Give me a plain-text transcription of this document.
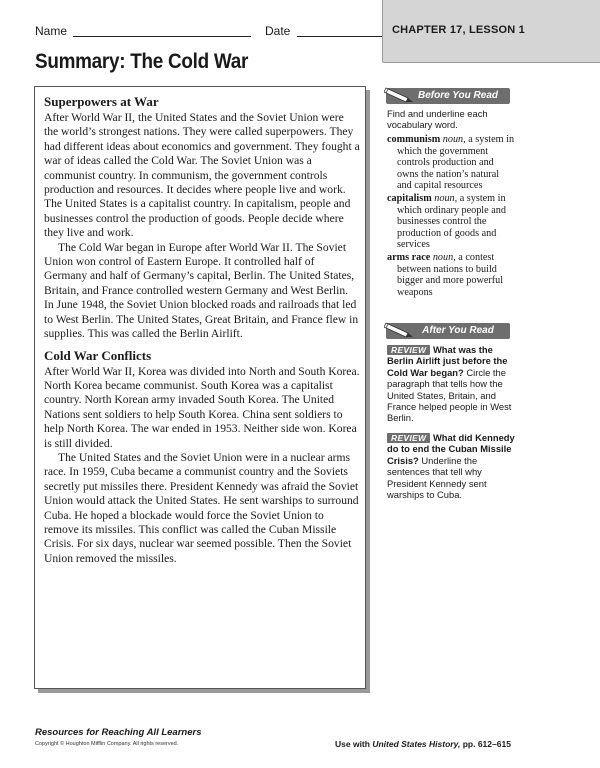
Name	Date	CHAPTER 17, LESSON 1
Summary: The Cold War
Superpowers at War

After World War II, the United States and the Soviet Union were the world’s strongest nations. They were called superpowers. They had different ideas about economics and government. They fought a war of ideas called the Cold War. The Soviet Union was a communist country. In communism, the government controls production and resources. It decides where people live and work. The United States is a capitalist country. In capitalism, people and businesses control the production of goods. People decide where they live and work.

The Cold War began in Europe after World War II. The Soviet Union won control of Eastern Europe. It controlled half of Germany and half of Germany’s capital, Berlin. The United States, Britain, and France controlled western Germany and West Berlin. In June 1948, the Soviet Union blocked roads and railroads that led to West Berlin. The United States, Great Britain, and France flew in supplies. This was called the Berlin Airlift.

Cold War Conflicts

After World War II, Korea was divided into North and South Korea. North Korea became communist. South Korea was a capitalist country. North Korean army invaded South Korea. The United Nations sent soldiers to help South Korea. China sent soldiers to help North Korea. The war ended in 1953. Neither side won. Korea is still divided.

The United States and the Soviet Union were in a nuclear arms race. In 1959, Cuba became a communist country and the Soviets secretly put missiles there. President Kennedy was afraid the Soviet Union would attack the United States. He sent warships to surround Cuba. He hoped a blockade would force the Soviet Union to remove its missiles. This conflict was called the Cuban Missile Crisis. For six days, nuclear war seemed possible. Then the Soviet Union removed the missiles.

Before You Read
Find and underline each vocabulary word.

communism noun, a system in which the government controls production and owns the nation’s natural and capital resources

capitalism noun, a system in which ordinary people and businesses control the production of goods and services

arms race noun, a contest between nations to build bigger and more powerful weapons

After You Read
REVIEW What was the Berlin Airlift just before the Cold War began? Circle the paragraph that tells how the United States, Britain, and France helped people in West Berlin.
REVIEW What did Kennedy do to end the Cuban Missile Crisis? Underline the sentences that tell why President Kennedy sent warships to Cuba.
Resources for Reaching All Learners
Copyright © Houghton Mifflin Company. All rights reserved.	Use with United States History, pp. 612–615
